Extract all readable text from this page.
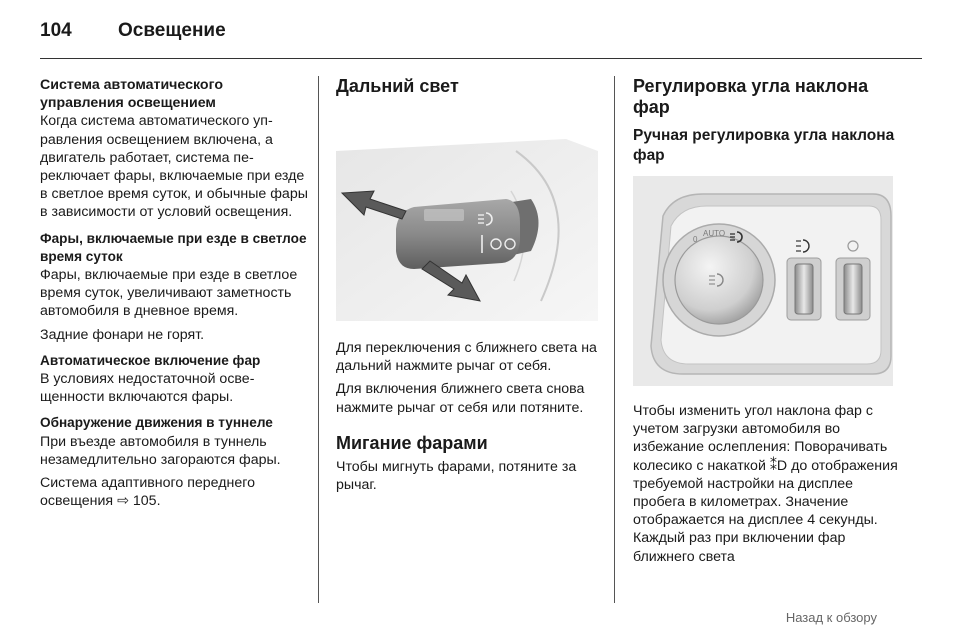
104 Освещение

Система автоматического управления освещением

Когда система автоматического управления освещением включена, а двигатель работает, система переключает фары, включаемые при езде в светлое время суток, и обычные фары в зависимости от условий освещения.

Фары, включаемые при езде в светлое время суток

Фары, включаемые при езде в светлое время суток, увеличивают заметность автомобиля в дневное время.

Задние фонари не горят.

Автоматическое включение фар

В условиях недостаточной освещенности включаются фары.

Обнаружение движения в туннеле

При въезде автомобиля в туннель незамедлительно загораются фары.

Система адаптивного переднего освещения ⇨ 105.

Дальний свет

Для переключения с ближнего света на дальний нажмите рычаг от себя.

Для включения ближнего света снова нажмите рычаг от себя или потяните.

Мигание фарами

Чтобы мигнуть фарами, потяните за рычаг.

Регулировка угла наклона фар

Ручная регулировка угла наклона фар

0
AUTO

Чтобы изменить угол наклона фар с учетом загрузки автомобиля во избежание ослепления: Поворачивать колесико с накаткой ⁑D до отображения требуемой настройки на дисплее пробега в километрах. Значение отображается на дисплее 4 секунды. Каждый раз при включении фар ближнего света

Назад к обзору
